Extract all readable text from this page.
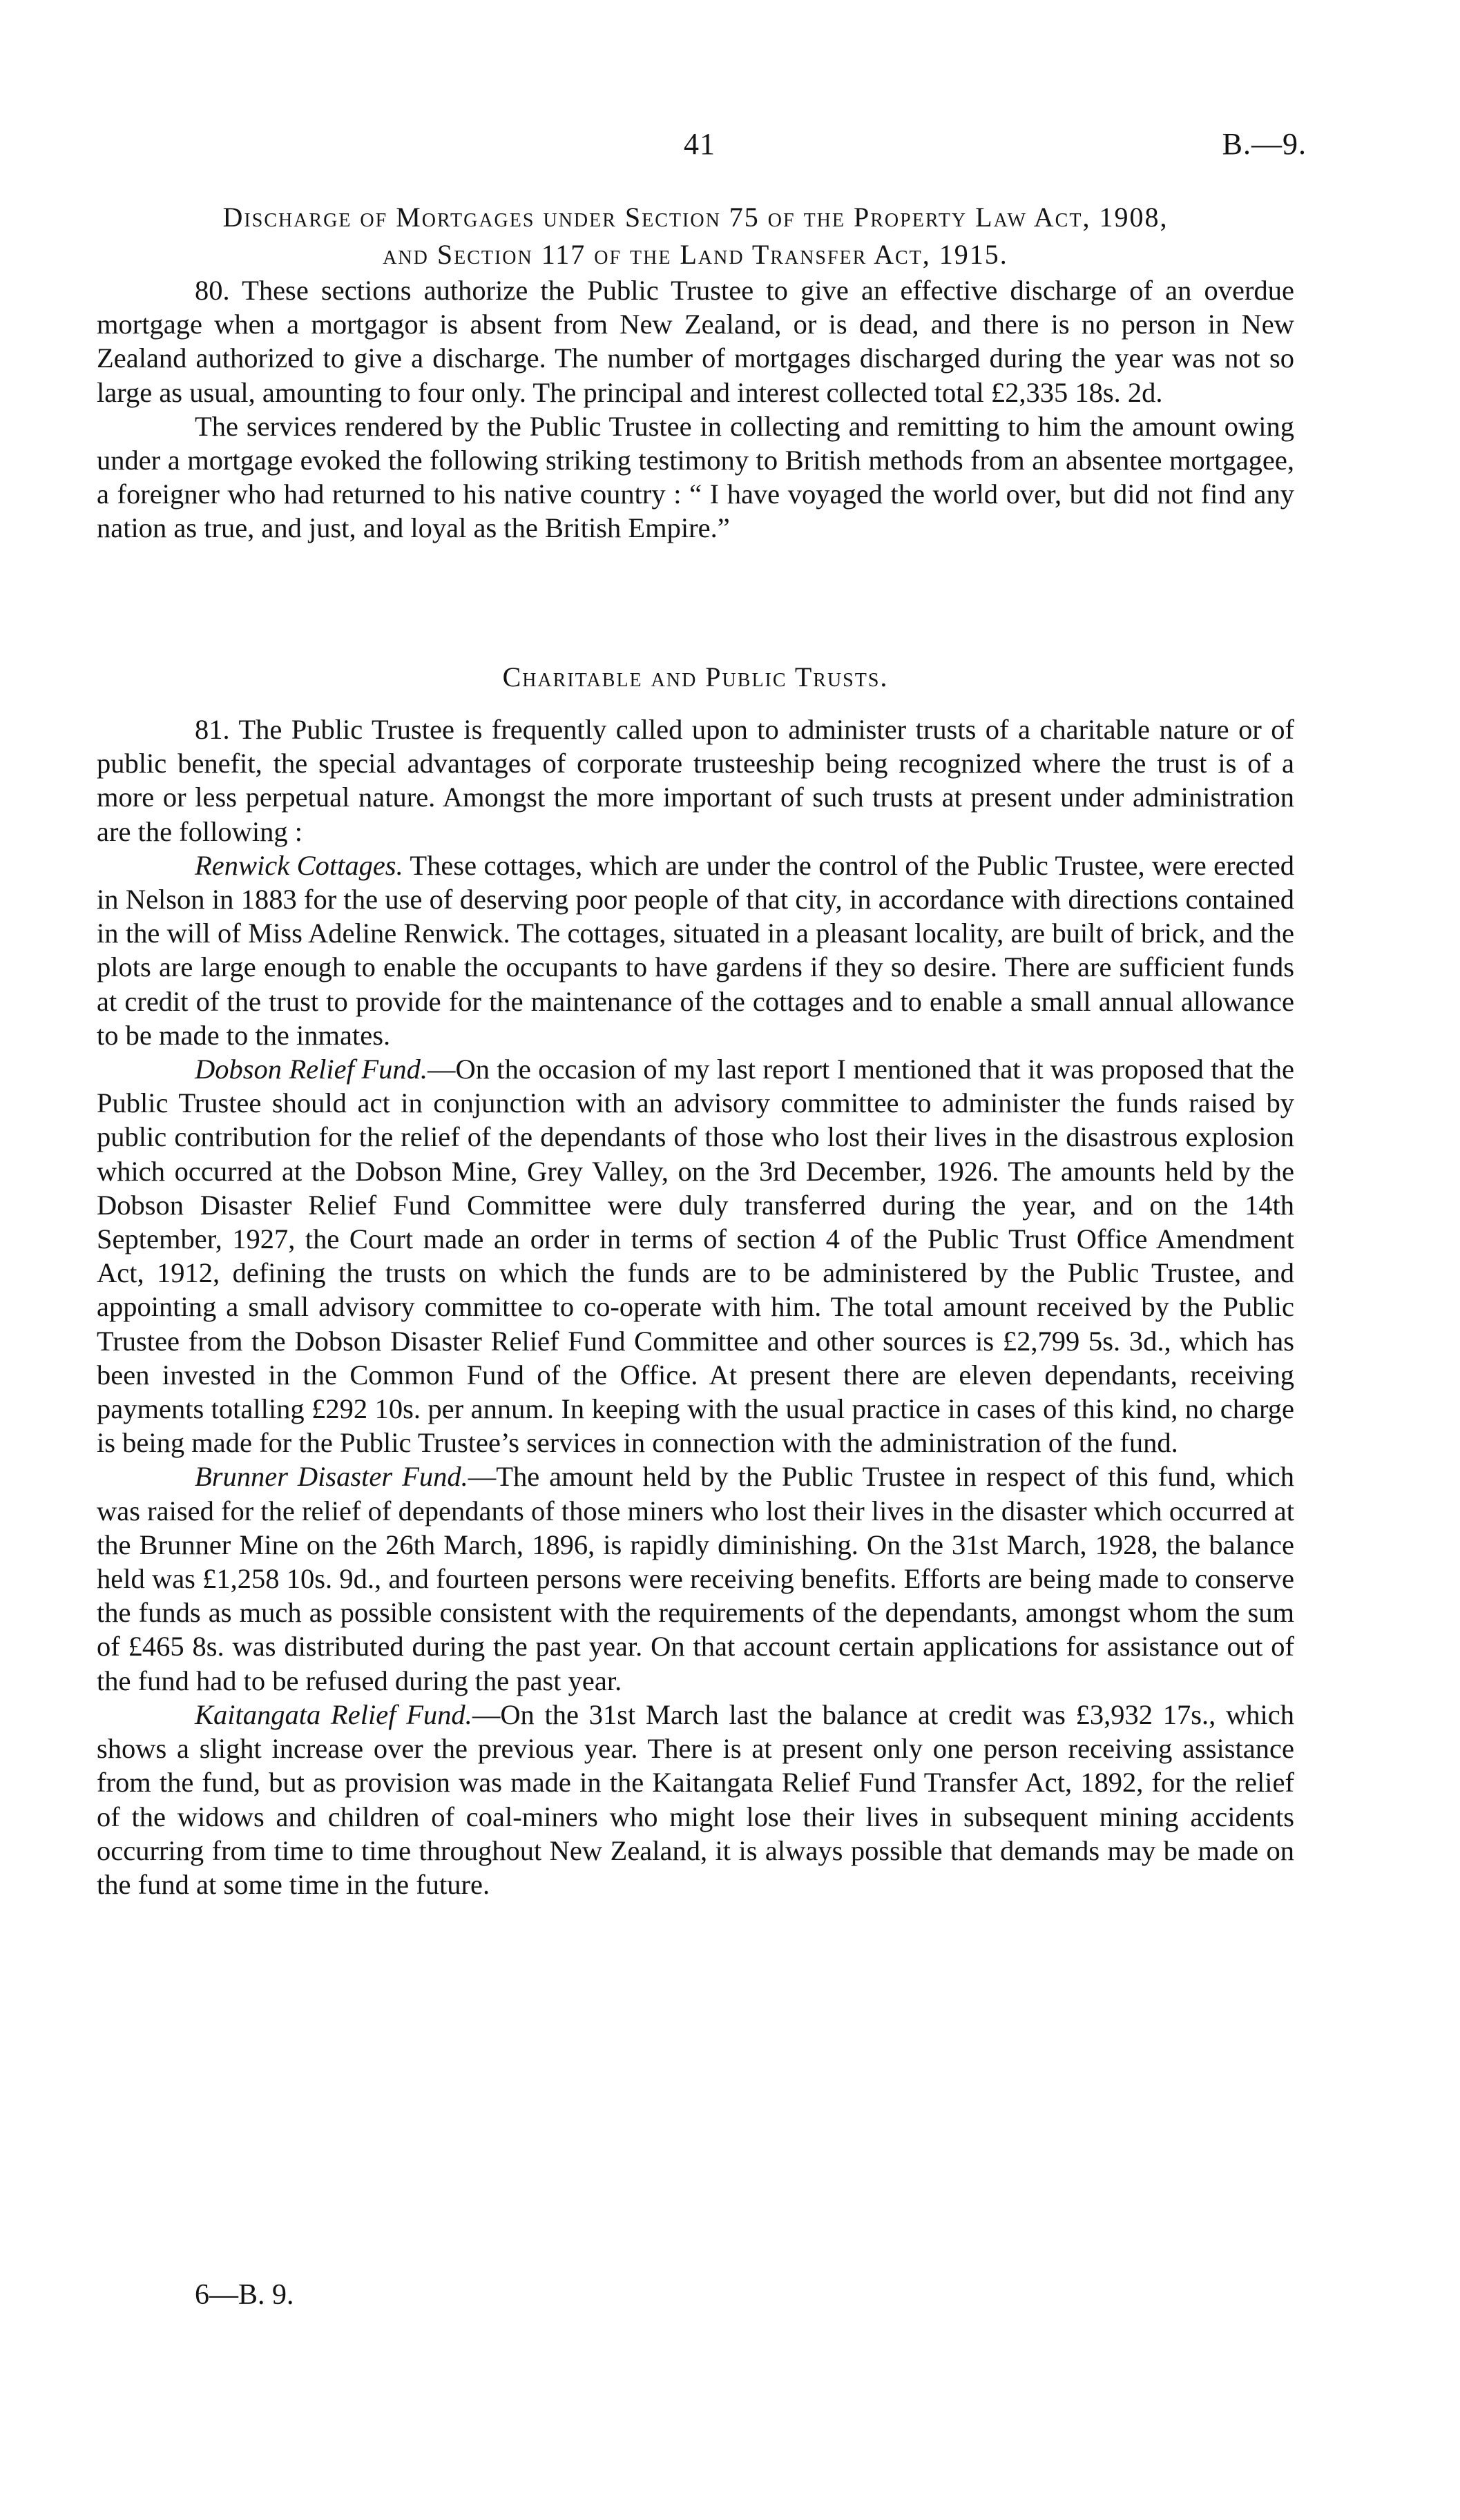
41	B.—9.
Discharge of Mortgages under Section 75 of the Property Law Act, 1908,
and Section 117 of the Land Transfer Act, 1915.

80. These sections authorize the Public Trustee to give an effective discharge of an overdue mortgage when a mortgagor is absent from New Zealand, or is dead, and there is no person in New Zealand authorized to give a discharge. The number of mortgages discharged during the year was not so large as usual, amounting to four only. The principal and interest collected total £2,335 18s. 2d.

The services rendered by the Public Trustee in collecting and remitting to him the amount owing under a mortgage evoked the following striking testimony to British methods from an absentee mortgagee, a foreigner who had returned to his native country : “ I have voyaged the world over, but did not find any nation as true, and just, and loyal as the British Empire.”

Charitable and Public Trusts.

81. The Public Trustee is frequently called upon to administer trusts of a charitable nature or of public benefit, the special advantages of corporate trusteeship being recognized where the trust is of a more or less perpetual nature. Amongst the more important of such trusts at present under administration are the following :

Renwick Cottages. These cottages, which are under the control of the Public Trustee, were erected in Nelson in 1883 for the use of deserving poor people of that city, in accordance with directions contained in the will of Miss Adeline Renwick. The cottages, situated in a pleasant locality, are built of brick, and the plots are large enough to enable the occupants to have gardens if they so desire. There are sufficient funds at credit of the trust to provide for the maintenance of the cottages and to enable a small annual allowance to be made to the inmates.

Dobson Relief Fund.—On the occasion of my last report I mentioned that it was proposed that the Public Trustee should act in conjunction with an advisory committee to administer the funds raised by public contribution for the relief of the dependants of those who lost their lives in the disastrous explosion which occurred at the Dobson Mine, Grey Valley, on the 3rd December, 1926. The amounts held by the Dobson Disaster Relief Fund Committee were duly transferred during the year, and on the 14th September, 1927, the Court made an order in terms of section 4 of the Public Trust Office Amendment Act, 1912, defining the trusts on which the funds are to be administered by the Public Trustee, and appointing a small advisory committee to co-operate with him. The total amount received by the Public Trustee from the Dobson Disaster Relief Fund Committee and other sources is £2,799 5s. 3d., which has been invested in the Common Fund of the Office. At present there are eleven dependants, receiving payments totalling £292 10s. per annum. In keeping with the usual practice in cases of this kind, no charge is being made for the Public Trustee’s services in connection with the administration of the fund.

Brunner Disaster Fund.—The amount held by the Public Trustee in respect of this fund, which was raised for the relief of dependants of those miners who lost their lives in the disaster which occurred at the Brunner Mine on the 26th March, 1896, is rapidly diminishing. On the 31st March, 1928, the balance held was £1,258 10s. 9d., and fourteen persons were receiving benefits. Efforts are being made to conserve the funds as much as possible consistent with the requirements of the dependants, amongst whom the sum of £465 8s. was distributed during the past year. On that account certain applications for assistance out of the fund had to be refused during the past year.

Kaitangata Relief Fund.—On the 31st March last the balance at credit was £3,932 17s., which shows a slight increase over the previous year. There is at present only one person receiving assistance from the fund, but as provision was made in the Kaitangata Relief Fund Transfer Act, 1892, for the relief of the widows and children of coal-miners who might lose their lives in subsequent mining accidents occurring from time to time throughout New Zealand, it is always possible that demands may be made on the fund at some time in the future.

6—B. 9.
